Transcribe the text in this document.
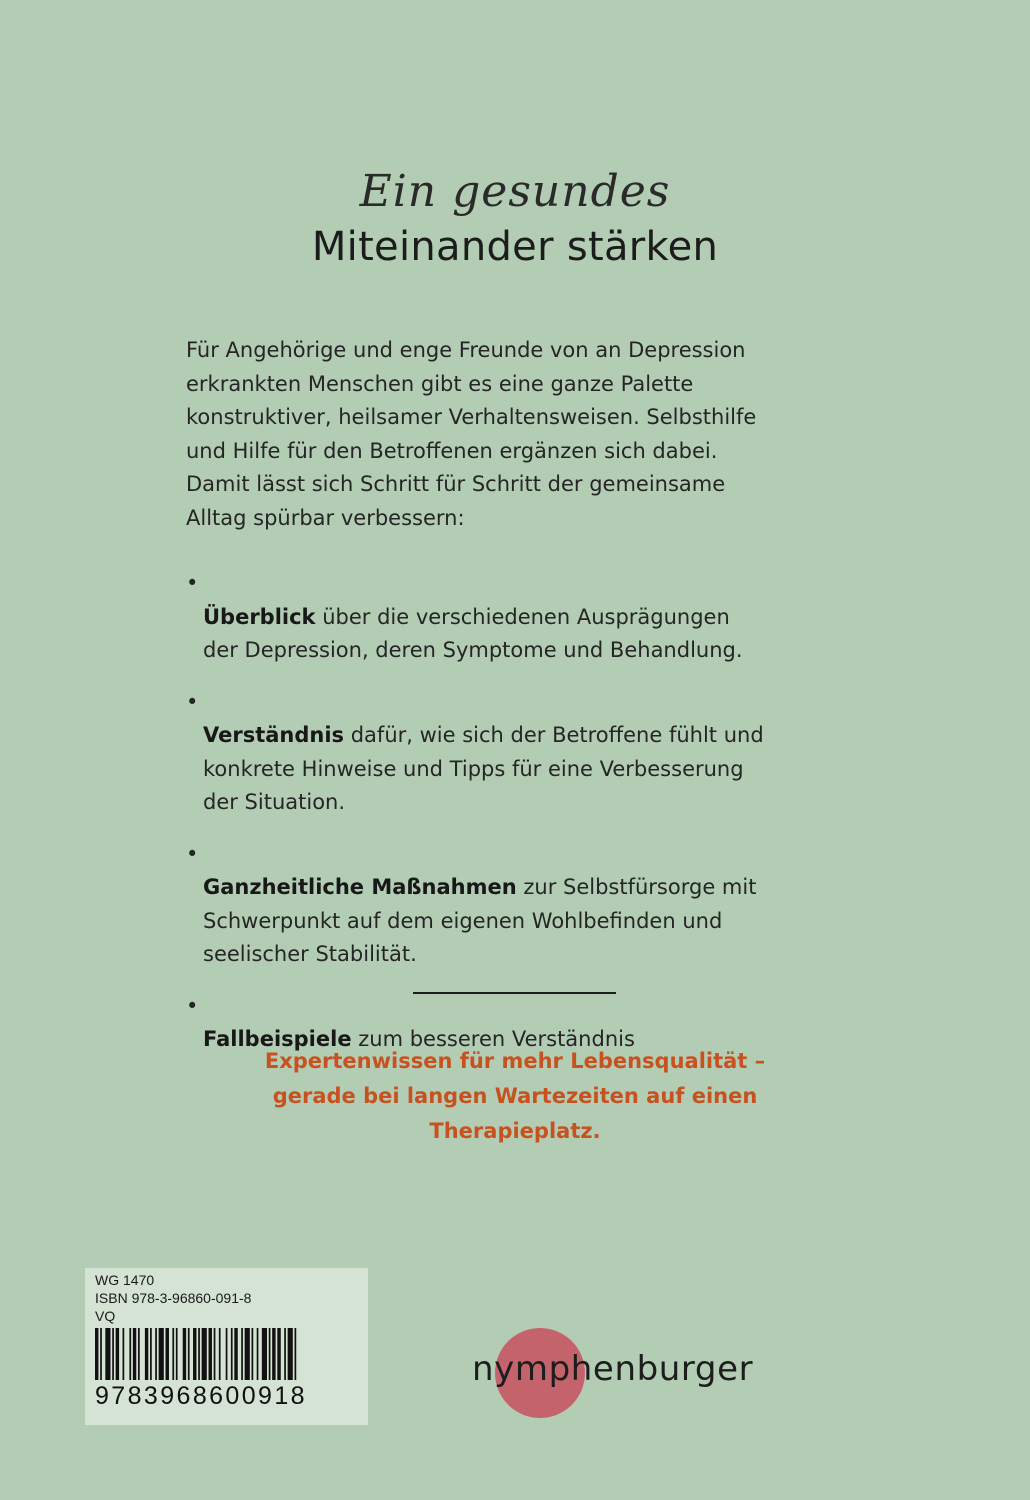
Ein gesundes
Miteinander stärken
Für Angehörige und enge Freunde von an Depression
erkrankten Menschen gibt es eine ganze Palette
konstruktiver, heilsamer Verhaltensweisen. Selbsthilfe
und Hilfe für den Betroffenen ergänzen sich dabei.
Damit lässt sich Schritt für Schritt der gemeinsame
Alltag spürbar verbessern:

•
Überblick über die verschiedenen Ausprägungen
der Depression, deren Symptome und Behandlung.

•
Verständnis dafür, wie sich der Betroffene fühlt und
konkrete Hinweise und Tipps für eine Verbesserung
der Situation.

•
Ganzheitliche Maßnahmen zur Selbstfürsorge mit
Schwerpunkt auf dem eigenen Wohlbefinden und
seelischer Stabilität.

•
Fallbeispiele zum besseren Verständnis

Expertenwissen für mehr Lebensqualität –
gerade bei langen Wartezeiten auf einen
Therapieplatz.
WG 1470
ISBN 978-3-96860-091-8
VQ
9783968600918
nymphenburger
